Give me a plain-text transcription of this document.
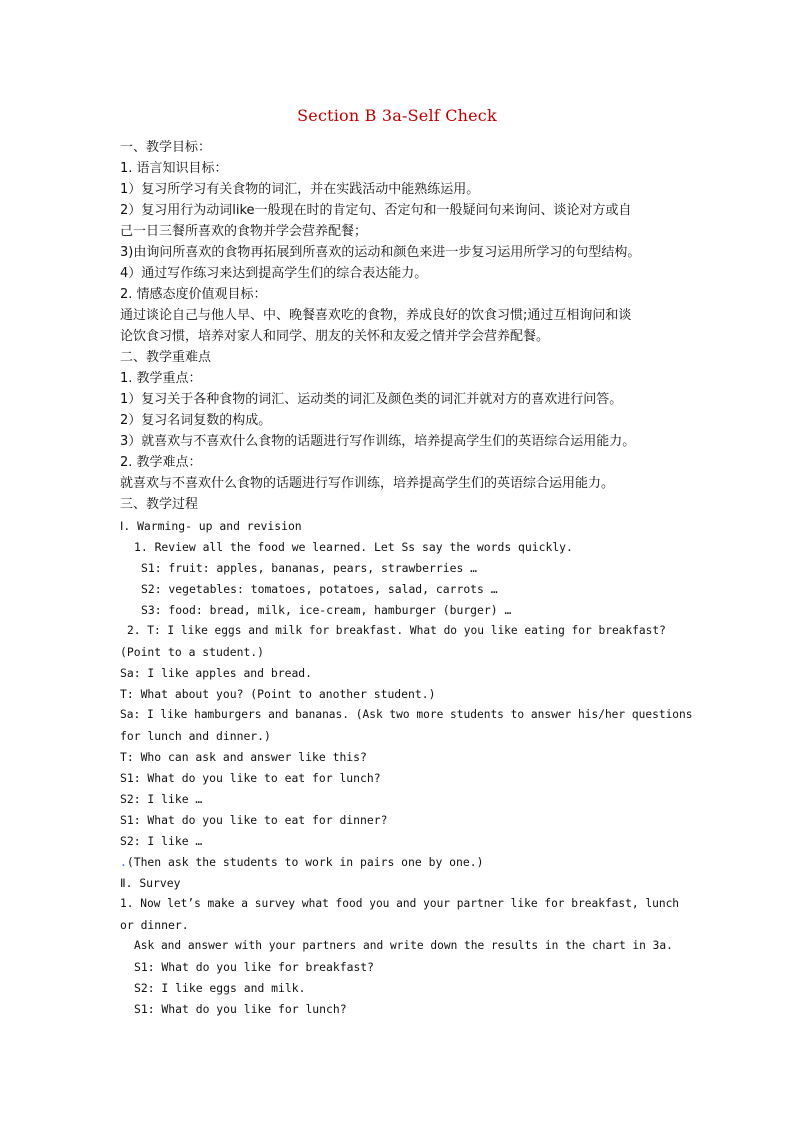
Section B 3a-Self Check
一、教学目标：
1. 语言知识目标：
1）复习所学习有关食物的词汇，并在实践活动中能熟练运用。
2）复习用行为动词like一般现在时的肯定句、否定句和一般疑问句来询问、谈论对方或自
己一日三餐所喜欢的食物并学会营养配餐；
3)由询问所喜欢的食物再拓展到所喜欢的运动和颜色来进一步复习运用所学习的句型结构。
4）通过写作练习来达到提高学生们的综合表达能力。
2. 情感态度价值观目标：
通过谈论自己与他人早、中、晚餐喜欢吃的食物，养成良好的饮食习惯;通过互相询问和谈
论饮食习惯，培养对家人和同学、朋友的关怀和友爱之情并学会营养配餐。
二、教学重难点
1. 教学重点：
1）复习关于各种食物的词汇、运动类的词汇及颜色类的词汇并就对方的喜欢进行问答。
2）复习名词复数的构成。
3）就喜欢与不喜欢什么食物的话题进行写作训练，培养提高学生们的英语综合运用能力。
2. 教学难点：
就喜欢与不喜欢什么食物的话题进行写作训练，培养提高学生们的英语综合运用能力。
三、教学过程
Ⅰ. Warming- up and revision
1. Review all the food we learned. Let Ss say the words quickly.
S1: fruit: apples, bananas, pears, strawberries …
S2: vegetables: tomatoes, potatoes, salad, carrots …
S3: food: bread, milk, ice-cream, hamburger (burger) …
2. T: I like eggs and milk for breakfast. What do you like eating for breakfast?
(Point to a student.)
Sa: I like apples and bread.
T: What about you? (Point to another student.)
Sa: I like hamburgers and bananas. (Ask two more students to answer his/her questions
for lunch and dinner.)
T: Who can ask and answer like this?
S1: What do you like to eat for lunch?
S2: I like …
S1: What do you like to eat for dinner?
S2: I like …
.(Then ask the students to work in pairs one by one.)
Ⅱ. Survey
1. Now let’s make a survey what food you and your partner like for breakfast, lunch
or dinner.
Ask and answer with your partners and write down the results in the chart in 3a.
S1: What do you like for breakfast?
S2: I like eggs and milk.
S1: What do you like for lunch?
